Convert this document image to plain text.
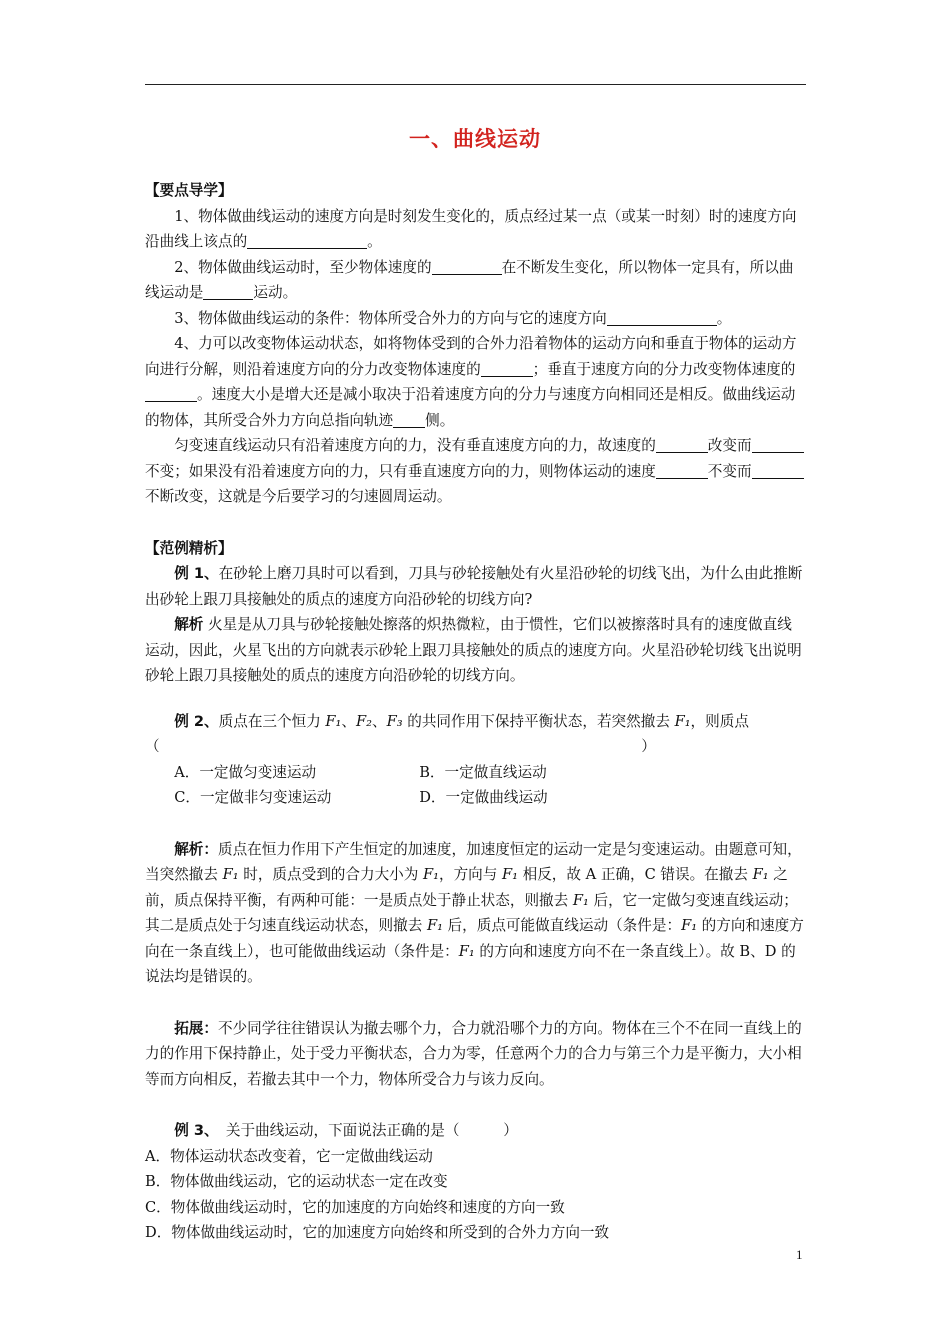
一、曲线运动

【要点导学】

1、物体做曲线运动的速度方向是时刻发生变化的，质点经过某一点（或某一时刻）时的速度方向沿曲线上该点的	。

2、物体做曲线运动时，至少物体速度的	在不断发生变化，所以物体一定具有，所以曲线运动是	运动。

3、物体做曲线运动的条件：物体所受合外力的方向与它的速度方向	。

4、力可以改变物体运动状态，如将物体受到的合外力沿着物体的运动方向和垂直于物体的运动方向进行分解，则沿着速度方向的分力改变物体速度的	；垂直于速度方向的分力改变物体速度的。速度大小是增大还是减小取决于沿着速度方向的分力与速度方向相同还是相反。做曲线运动的物体，其所受合外力方向总指向轨迹 侧。

匀变速直线运动只有沿着速度方向的力，没有垂直速度方向的力，故速度的	改变而不变；如果没有沿着速度方向的力，只有垂直速度方向的力，则物体运动的速度	不变而不断改变，这就是今后要学习的匀速圆周运动。

【范例精析】

例 1、在砂轮上磨刀具时可以看到，刀具与砂轮接触处有火星沿砂轮的切线飞出，为什么由此推断出砂轮上跟刀具接触处的质点的速度方向沿砂轮的切线方向?

解析 火星是从刀具与砂轮接触处擦落的炽热微粒，由于惯性，它们以被擦落时具有的速度做直线运动，因此，火星飞出的方向就表示砂轮上跟刀具接触处的质点的速度方向。火星沿砂轮切线飞出说明砂轮上跟刀具接触处的质点的速度方向沿砂轮的切线方向。

例 2、质点在三个恒力 F₁、F₂、F₃ 的共同作用下保持平衡状态，若突然撤去 F₁，则质点（　　　　　　　　　　　　　　　　　　　　　　　　　　　　　　　　　）

A．一定做匀变速运动	B．一定做直线运动
C．一定做非匀变速运动	D．一定做曲线运动

解析：质点在恒力作用下产生恒定的加速度，加速度恒定的运动一定是匀变速运动。由题意可知，当突然撤去 F₁ 时，质点受到的合力大小为 F₁，方向与 F₁ 相反，故 A 正确，C 错误。在撤去 F₁ 之前，质点保持平衡，有两种可能：一是质点处于静止状态，则撤去 F₁ 后，它一定做匀变速直线运动；其二是质点处于匀速直线运动状态，则撤去 F₁ 后，质点可能做直线运动（条件是：F₁ 的方向和速度方向在一条直线上），也可能做曲线运动（条件是：F₁ 的方向和速度方向不在一条直线上）。故 B、D 的说法均是错误的。

拓展：不少同学往往错误认为撤去哪个力，合力就沿哪个力的方向。物体在三个不在同一直线上的力的作用下保持静止，处于受力平衡状态，合力为零，任意两个力的合力与第三个力是平衡力，大小相等而方向相反，若撤去其中一个力，物体所受合力与该力反向。

例 3、　关于曲线运动，下面说法正确的是（　　　）

A．物体运动状态改变着，它一定做曲线运动

B．物体做曲线运动，它的运动状态一定在改变

C．物体做曲线运动时，它的加速度的方向始终和速度的方向一致

D．物体做曲线运动时，它的加速度方向始终和所受到的合外力方向一致

1
